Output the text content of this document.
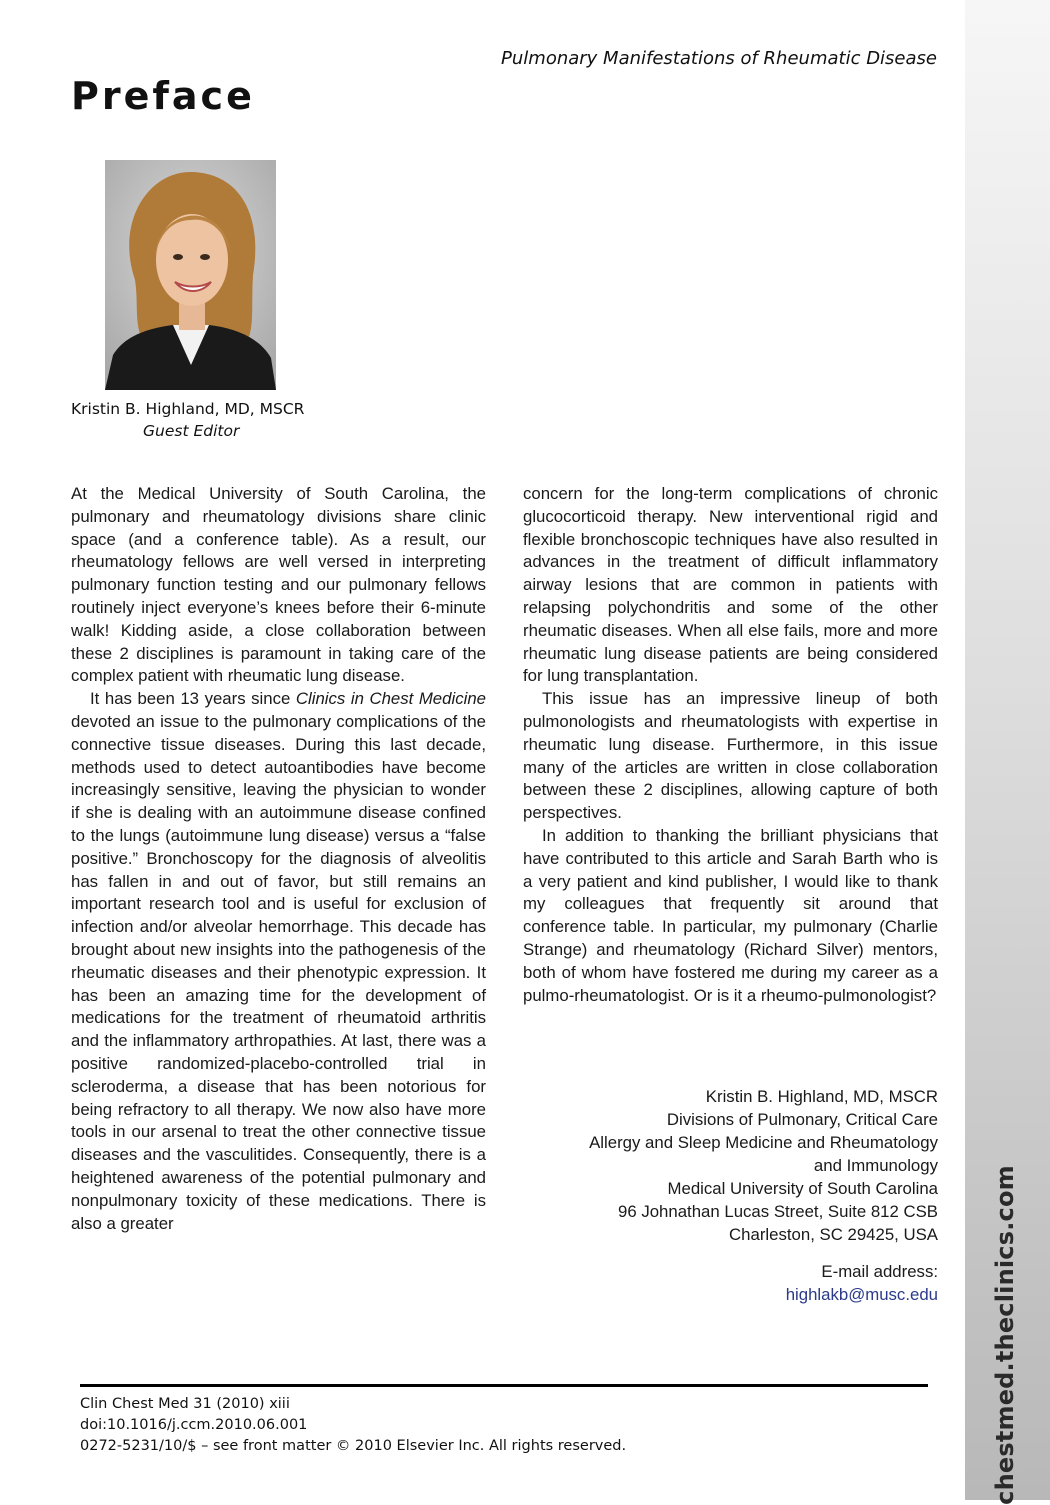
chestmed.theclinics.com
Pulmonary Manifestations of Rheumatic Disease
Preface
Kristin B. Highland, MD, MSCR
Guest Editor

At the Medical University of South Carolina, the pulmonary and rheumatology divisions share clinic space (and a conference table). As a result, our rheumatology fellows are well versed in interpreting pulmonary function testing and our pulmonary fellows routinely inject everyone’s knees before their 6-minute walk! Kidding aside, a close collaboration between these 2 disciplines is paramount in taking care of the complex patient with rheumatic lung disease.

It has been 13 years since Clinics in Chest Medicine devoted an issue to the pulmonary complications of the connective tissue diseases. During this last decade, methods used to detect autoantibodies have become increasingly sensitive, leaving the physician to wonder if she is dealing with an autoimmune disease confined to the lungs (autoimmune lung disease) versus a “false positive.” Bronchoscopy for the diagnosis of alveolitis has fallen in and out of favor, but still remains an important research tool and is useful for exclusion of infection and/or alveolar hemorrhage. This decade has brought about new insights into the pathogenesis of the rheumatic diseases and their phenotypic expression. It has been an amazing time for the development of medications for the treatment of rheumatoid arthritis and the inflammatory arthropathies. At last, there was a positive randomized-placebo-controlled trial in scleroderma, a disease that has been notorious for being refractory to all therapy. We now also have more tools in our arsenal to treat the other connective tissue diseases and the vasculitides. Consequently, there is a heightened awareness of the potential pulmonary and nonpulmonary toxicity of these medications. There is also a greater

concern for the long-term complications of chronic glucocorticoid therapy. New interventional rigid and flexible bronchoscopic techniques have also resulted in advances in the treatment of difficult inflammatory airway lesions that are common in patients with relapsing polychondritis and some of the other rheumatic diseases. When all else fails, more and more rheumatic lung disease patients are being considered for lung transplantation.

This issue has an impressive lineup of both pulmonologists and rheumatologists with expertise in rheumatic lung disease. Furthermore, in this issue many of the articles are written in close collaboration between these 2 disciplines, allowing capture of both perspectives.

In addition to thanking the brilliant physicians that have contributed to this article and Sarah Barth who is a very patient and kind publisher, I would like to thank my colleagues that frequently sit around that conference table. In particular, my pulmonary (Charlie Strange) and rheumatology (Richard Silver) mentors, both of whom have fostered me during my career as a pulmo-rheumatologist. Or is it a rheumo-pulmonologist?

Kristin B. Highland, MD, MSCR
Divisions of Pulmonary, Critical Care
Allergy and Sleep Medicine and Rheumatology
and Immunology
Medical University of South Carolina
96 Johnathan Lucas Street, Suite 812 CSB
Charleston, SC 29425, USA
E-mail address:
highlakb@musc.edu
Clin Chest Med 31 (2010) xiii
doi:10.1016/j.ccm.2010.06.001
0272-5231/10/$ – see front matter © 2010 Elsevier Inc. All rights reserved.
